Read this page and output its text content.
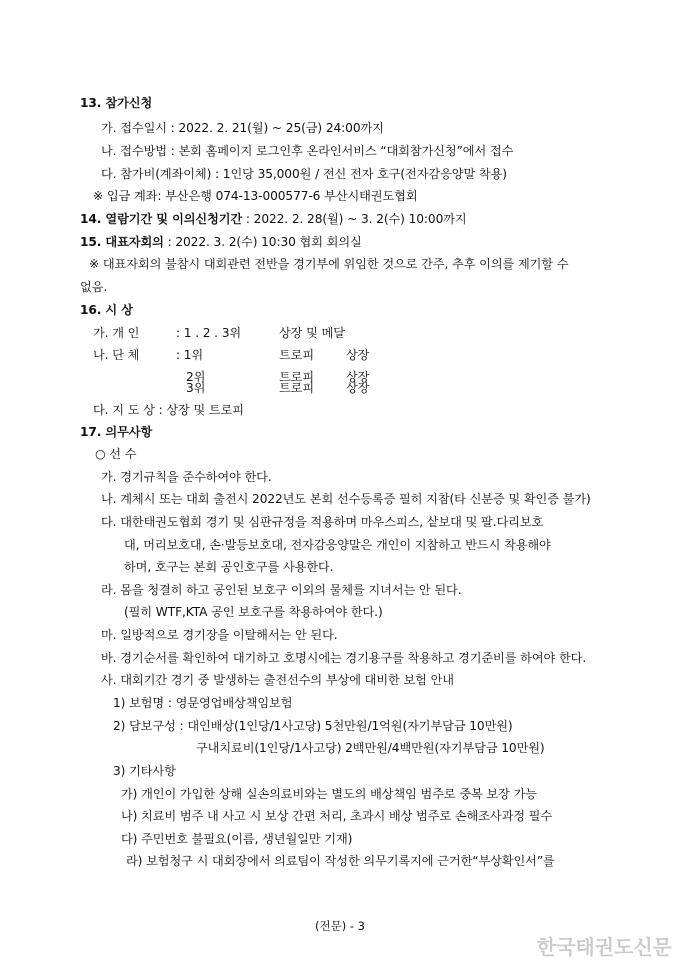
13. 참가신청
가. 접수일시 : 2022. 2. 21(월) ~ 25(금) 24:00까지
나. 접수방법 : 본회 홈페이지 로그인후 온라인서비스 “대회참가신청”에서 접수
다. 참가비(계좌이체) : 1인당 35,000원 / 전신 전자 호구(전자감응양말 착용)
※ 입금 계좌: 부산은행 074-13-000577-6 부산시태권도협회
14. 열람기간 및 이의신청기간 : 2022. 2. 28(월) ~ 3. 2(수) 10:00까지
15. 대표자회의 : 2022. 3. 2(수) 10:30 협회 회의실
※ 대표자회의 불참시 대회관련 전반을 경기부에 위임한 것으로 간주, 추후 이의를 제기할 수
없음.
16. 시 상
가. 개 인	: 1 . 2 . 3위	상장 및 메달
나. 단 체	: 1위	트로피	상장
2위	트로피	상장
3위	트로피	상장
다. 지 도 상 : 상장 및 트로피
17. 의무사항
○ 선 수
가. 경기규칙을 준수하여야 한다.
나. 계체시 또는 대회 출전시 2022년도 본회 선수등록증 필히 지참(타 신분증 및 확인증 불가)
다. 대한태권도협회 경기 및 심판규정을 적용하며 마우스피스, 샅보대 및 팔.다리보호
대, 머리보호대, 손·발등보호대, 전자감응양말은 개인이 지참하고 반드시 착용해야
하며, 호구는 본회 공인호구를 사용한다.
라. 몸을 청결히 하고 공인된 보호구 이외의 물체를 지녀서는 안 된다.
(필히 WTF,KTA 공인 보호구를 착용하여야 한다.)
마. 일방적으로 경기장을 이탈해서는 안 된다.
바. 경기순서를 확인하여 대기하고 호명시에는 경기용구를 착용하고 경기준비를 하여야 한다.
사. 대회기간 경기 중 발생하는 출전선수의 부상에 대비한 보험 안내
1) 보험명 : 영문영업배상책임보험
2) 담보구성 : 대인배상(1인당/1사고당) 5천만원/1억원(자기부담금 10만원)
구내치료비(1인당/1사고당) 2백만원/4백만원(자기부담금 10만원)
3) 기타사항
가) 개인이 가입한 상해 실손의료비와는 별도의 배상책임 범주로 중복 보장 가능
나) 치료비 범주 내 사고 시 보상 간편 처리, 초과시 배상 범주로 손해조사과정 필수
다) 주민번호 불필요(이름, 생년월일만 기재)
라) 보험청구 시 대회장에서 의료팀이 작성한 의무기록지에 근거한“부상확인서”를
(전문) - 3
한국태권도신문
